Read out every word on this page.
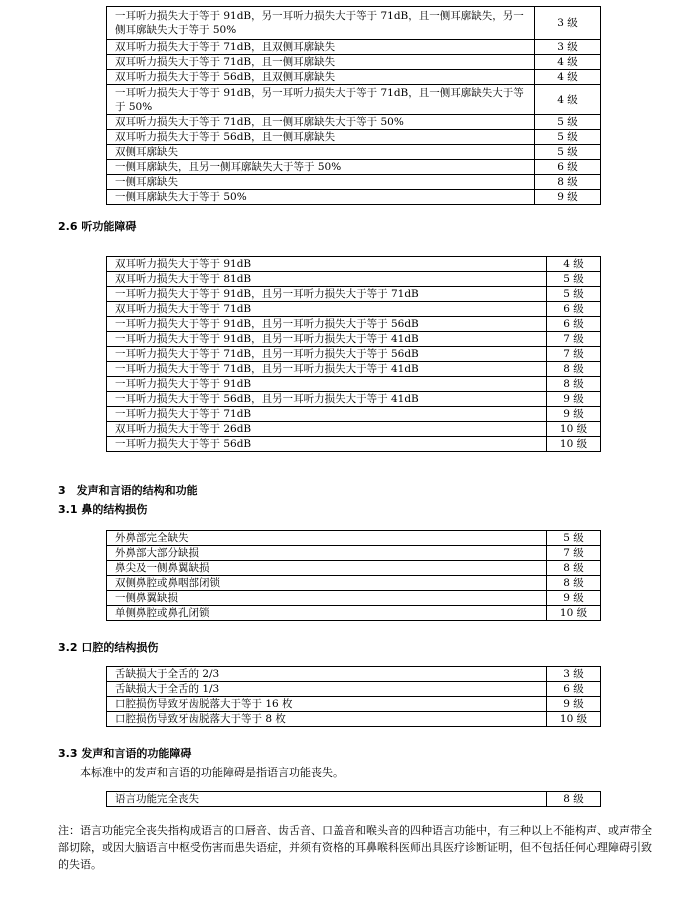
一耳听力损失大于等于 91dB，另一耳听力损失大于等于 71dB，且一侧耳廓缺失，另一侧耳廓缺失大于等于 50%	3 级
双耳听力损失大于等于 71dB，且双侧耳廓缺失	3 级
双耳听力损失大于等于 71dB，且一侧耳廓缺失	4 级
双耳听力损失大于等于 56dB，且双侧耳廓缺失	4 级
一耳听力损失大于等于 91dB，另一耳听力损失大于等于 71dB，且一侧耳廓缺失大于等于 50%	4 级
双耳听力损失大于等于 71dB，且一侧耳廓缺失大于等于 50%	5 级
双耳听力损失大于等于 56dB，且一侧耳廓缺失	5 级
双侧耳廓缺失	5 级
一侧耳廓缺失，且另一侧耳廓缺失大于等于 50%	6 级
一侧耳廓缺失	8 级
一侧耳廓缺失大于等于 50%	9 级
2.6 听功能障碍
双耳听力损失大于等于 91dB	4 级
双耳听力损失大于等于 81dB	5 级
一耳听力损失大于等于 91dB，且另一耳听力损失大于等于 71dB	5 级
双耳听力损失大于等于 71dB	6 级
一耳听力损失大于等于 91dB，且另一耳听力损失大于等于 56dB	6 级
一耳听力损失大于等于 91dB，且另一耳听力损失大于等于 41dB	7 级
一耳听力损失大于等于 71dB，且另一耳听力损失大于等于 56dB	7 级
一耳听力损失大于等于 71dB，且另一耳听力损失大于等于 41dB	8 级
一耳听力损失大于等于 91dB	8 级
一耳听力损失大于等于 56dB，且另一耳听力损失大于等于 41dB	9 级
一耳听力损失大于等于 71dB	9 级
双耳听力损失大于等于 26dB	10 级
一耳听力损失大于等于 56dB	10 级
3　发声和言语的结构和功能
3.1 鼻的结构损伤
外鼻部完全缺失	5 级
外鼻部大部分缺损	7 级
鼻尖及一侧鼻翼缺损	8 级
双侧鼻腔或鼻咽部闭锁	8 级
一侧鼻翼缺损	9 级
单侧鼻腔或鼻孔闭锁	10 级
3.2 口腔的结构损伤
舌缺损大于全舌的 2/3	3 级
舌缺损大于全舌的 1/3	6 级
口腔损伤导致牙齿脱落大于等于 16 枚	9 级
口腔损伤导致牙齿脱落大于等于 8 枚	10 级
3.3 发声和言语的功能障碍
本标准中的发声和言语的功能障碍是指语言功能丧失。
语言功能完全丧失	8 级
注：语言功能完全丧失指构成语言的口唇音、齿舌音、口盖音和喉头音的四种语言功能中，有三种以上不能构声、或声带全部切除，或因大脑语言中枢受伤害而患失语症，并须有资格的耳鼻喉科医师出具医疗诊断证明，但不包括任何心理障碍引致的失语。
